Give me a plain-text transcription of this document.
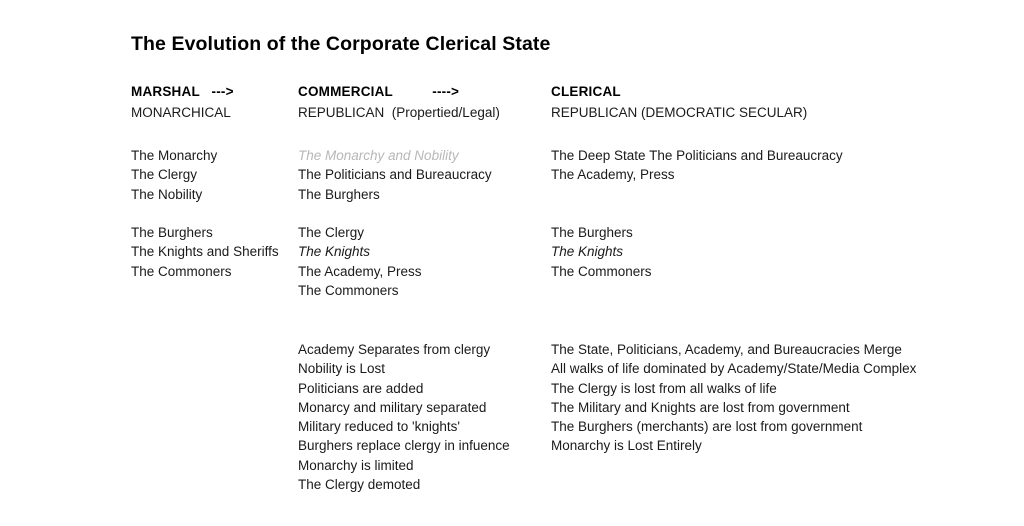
The Evolution of the Corporate Clerical State
MARSHAL   --->
MONARCHICAL
The Monarchy
The Clergy
The Nobility
The Burghers
The Knights and Sheriffs
The Commoners
COMMERCIAL          ---->
REPUBLICAN  (Propertied/Legal)
The Monarchy and Nobility
The Politicians and Bureaucracy
The Burghers
The Clergy
The Knights
The Academy, Press
The Commoners
Academy Separates from clergy
Nobility is Lost
Politicians are added
Monarcy and military separated
Military reduced to 'knights'
Burghers replace clergy in infuence
Monarchy is limited
The Clergy demoted
CLERICAL
REPUBLICAN (DEMOCRATIC SECULAR)
The Deep State The Politicians and Bureaucracy
The Academy, Press
The Burghers
The Knights
The Commoners
The State, Politicians, Academy, and Bureaucracies Merge
All walks of life dominated by Academy/State/Media Complex
The Clergy is lost from all walks of life
The Military and Knights are lost from government
The Burghers (merchants) are lost from government
Monarchy is Lost Entirely
